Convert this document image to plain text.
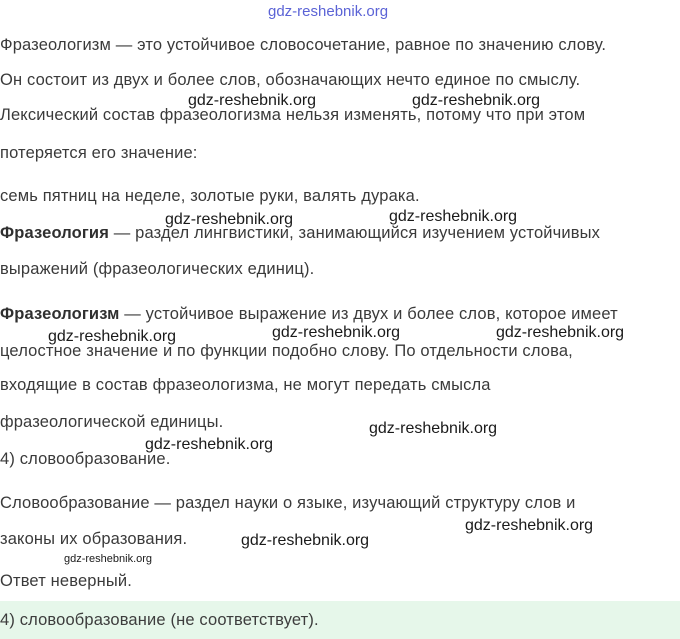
Фразеологизм — это устойчивое словосочетание, равное по значению слову.
Он состоит из двух и более слов, обозначающих нечто единое по смыслу.
Лексический состав фразеологизма нельзя изменять, потому что при этом
потеряется его значение:
семь пятниц на неделе, золотые руки, валять дурака.
Фразеология — раздел лингвистики, занимающийся изучением устойчивых
выражений (фразеологических единиц).
Фразеологизм — устойчивое выражение из двух и более слов, которое имеет
целостное значение и по функции подобно слову. По отдельности слова,
входящие в состав фразеологизма, не могут передать смысла
фразеологической единицы.
4) словообразование.
Словообразование — раздел науки о языке, изучающий структуру слов и
законы их образования.
Ответ неверный.
4) словообразование (не соответствует).
gdz-reshebnik.org
gdz-reshebnik.org	gdz-reshebnik.org
gdz-reshebnik.org	gdz-reshebnik.org
gdz-reshebnik.org	gdz-reshebnik.org	gdz-reshebnik.org
gdz-reshebnik.org
gdz-reshebnik.org
gdz-reshebnik.org
gdz-reshebnik.org
gdz-reshebnik.org
